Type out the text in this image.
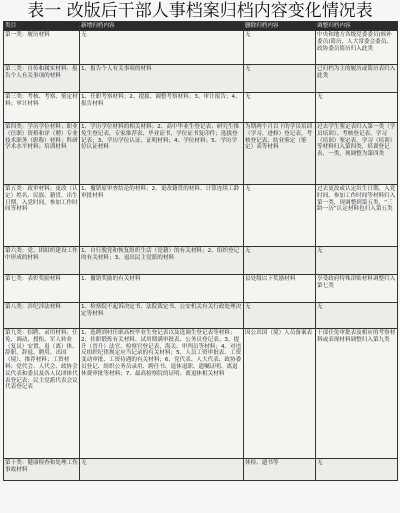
表一 改版后干部人事档案归档内容变化情况表
类目	新增归档内容	删除归档内容	调整归档内容
第一类：履历材料	无	无	中央和地方各级党委委员(候补委员)简历，人大常委会委员、政协委员简历归入此类
第二类：自传和属实材料：报告个人有关事项的材料	1、报告个人有关事项的材料	无	已归档为主的履历或简历表归入此类
第三类：考核、考察、鉴定材料；审计材料	1、任职考察材料；2、提拔、调整考察材料；3、审计报告；4、报告材料	无	无
第四类：学历学位材料；职业（任职）资格和评（聘）专业技术职务（职称）材料；科研学术水平材料；培训材料	1、学历学位材料的相关材料；2、高中毕业生登记表；研究生推免生登记表，专家推荐表、毕业证书、学位证书复印件；选拔登记表；3、学历学位认证、证明材料；4、学位材料；5、学历学位认证材料	为期两个月以下的学员培训（学习、进修）登记表，考核登记表、结业鉴定（鉴定）表等材料	过去学生鉴定表归入第一类（学员培训）、考核登记表、学习（培训）鉴定表，学习（培训）等材料归入第四类，培训登记表，一类，现调整为第四类
第五类：政审材料；更改（认定）姓名、民族、籍贯、出生日期，入党时间，参加工作时间等材料	1、撤销原审查结论的材料；2、更改籍贯的材料、计算连续工龄审批材料	无	过去更改或认定出生日期、入党时间、参加工作时间等材料归入第一类，现调整到第五类，“三龄一历”认定材料也归入第五类
第六类：党、团组织建设工作中形成的材料	1、自行脱党和恢复组织生活（党籍）的有关材料；2、组织登记的有关材料；3、退出民主党派的材料	无	无
第七类：表彰奖励材料	1、撤销奖励的有关材料	县处级以下奖励材料	享受政府特殊津贴材料调整归入第七类
第八类：涉纪涉法材料	1、检察院不起诉决定书、法院裁定书、公安机关有关行政处理决定等材料	无	无
第九类：招聘、录用材料；任免、调动、授衔、军人转业（复员）安置、退（离）休、辞职、辞退、聘用、出国（境）、推荐材料；工资材料；党代会、人代会、政协会议代表和委员及各人民团体代表登记表；民主党派代表会议代表登记表	1、选聘到村任职高校毕业生登记表以及选调生登记表等材料；2、挂职锻炼有关材料、试用期满审批表、公务员登记表；3、提升（晋升）法官、检察官登记表、海关、审判员等材料；4、对违反组织纪律规定应当记录的有关材料；5、人员工资审批表、工资变动审批、工资待遇的有关材料；6、党代表、人大代表、政协委员登记、组织公务员录用、聘任书、退休退职、遗嘱证明、离退休费审批等材料；7、最高检察院的证明、离退休相关材料	因公出国（境）人员备案表	干部任免审批表及相应的考察材料或表现材料调整归入第九类
第十类：健康检查和处理工伤事故材料	无	体检、遗书等	无
